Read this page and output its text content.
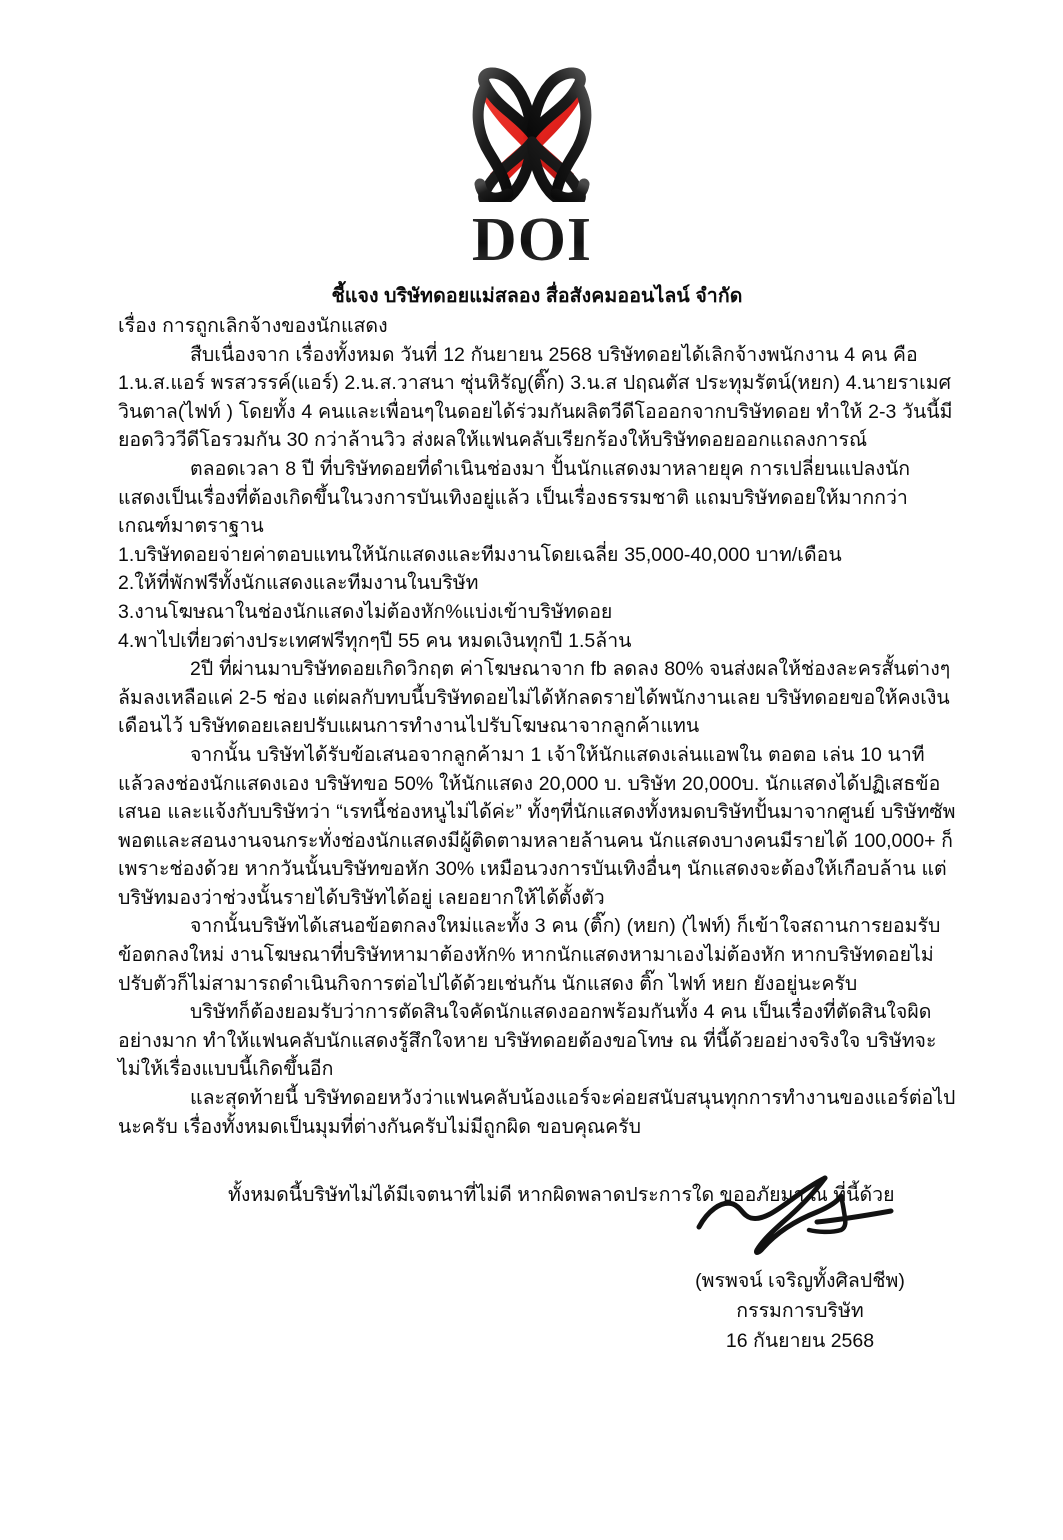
DOI
ชี้แจง บริษัทดอยแม่สลอง สื่อสังคมออนไลน์ จำกัด

เรื่อง การถูกเลิกจ้างของนักแสดง

สืบเนื่องจาก เรื่องทั้งหมด วันที่ 12 กันยายน 2568 บริษัทดอยได้เลิกจ้างพนักงาน 4 คน คือ

1.น.ส.แอร์ พรสวรรค์(แอร์) 2.น.ส.วาสนา ซุ่นหิรัญ(ติ๊ก) 3.น.ส ปฤณตัส ประทุมรัตน์(หยก) 4.นายราเมศ วินตาล(ไฟท์ ) โดยทั้ง 4 คนและเพื่อนๆในดอยได้ร่วมกันผลิตวีดีโอออกจากบริษัทดอย ทำให้ 2-3 วันนี้มียอดวิววีดีโอรวมกัน 30 กว่าล้านวิว ส่งผลให้แฟนคลับเรียกร้องให้บริษัทดอยออกแถลงการณ์

ตลอดเวลา 8 ปี ที่บริษัทดอยที่ดำเนินช่องมา ปั้นนักแสดงมาหลายยุค การเปลี่ยนแปลงนักแสดงเป็นเรื่องที่ต้องเกิดขึ้นในวงการบันเทิงอยู่แล้ว เป็นเรื่องธรรมชาติ แถมบริษัทดอยให้มากกว่าเกณฑ์มาตราฐาน

1.บริษัทดอยจ่ายค่าตอบแทนให้นักแสดงและทีมงานโดยเฉลี่ย 35,000-40,000 บาท/เดือน

2.ให้ที่พักฟรีทั้งนักแสดงและทีมงานในบริษัท

3.งานโฆษณาในช่องนักแสดงไม่ต้องหัก%แบ่งเข้าบริษัทดอย

4.พาไปเที่ยวต่างประเทศฟรีทุกๆปี 55 คน หมดเงินทุกปี 1.5ล้าน

2ปี ที่ผ่านมาบริษัทดอยเกิดวิกฤต ค่าโฆษณาจาก fb ลดลง 80% จนส่งผลให้ช่องละครสั้นต่างๆ ล้มลงเหลือแค่ 2-5 ช่อง แต่ผลกับทบนี้บริษัทดอยไม่ได้หักลดรายได้พนักงานเลย บริษัทดอยขอให้คงเงินเดือนไว้ บริษัทดอยเลยปรับแผนการทำงานไปรับโฆษณาจากลูกค้าแทน

จากนั้น บริษัทได้รับข้อเสนอจากลูกค้ามา 1 เจ้าให้นักแสดงเล่นแอพใน ตอตอ เล่น 10 นาทีแล้วลงช่องนักแสดงเอง บริษัทขอ 50% ให้นักแสดง 20,000 บ. บริษัท 20,000บ. นักแสดงได้ปฏิเสธข้อเสนอ และแจ้งกับบริษัทว่า “เรทนี้ช่องหนูไม่ได้ค่ะ” ทั้งๆที่นักแสดงทั้งหมดบริษัทปั้นมาจากศูนย์ บริษัทซัพพอตและสอนงานจนกระทั่งช่องนักแสดงมีผู้ติดตามหลายล้านคน นักแสดงบางคนมีรายได้ 100,000+ ก็เพราะช่องด้วย หากวันนั้นบริษัทขอหัก 30% เหมือนวงการบันเทิงอื่นๆ นักแสดงจะต้องให้เกือบล้าน แต่บริษัทมองว่าช่วงนั้นรายได้บริษัทได้อยู่ เลยอยากให้ได้ตั้งตัว

จากนั้นบริษัทได้เสนอข้อตกลงใหม่และทั้ง 3 คน (ติ๊ก) (หยก) (ไฟท์) ก็เข้าใจสถานการยอมรับข้อตกลงใหม่ งานโฆษณาที่บริษัทหามาต้องหัก% หากนักแสดงหามาเองไม่ต้องหัก หากบริษัทดอยไม่ปรับตัวก็ไม่สามารถดำเนินกิจการต่อไปได้ด้วยเช่นกัน นักแสดง ติ๊ก ไฟท์ หยก ยังอยู่นะครับ

บริษัทก็ต้องยอมรับว่าการตัดสินใจคัดนักแสดงออกพร้อมกันทั้ง 4 คน เป็นเรื่องที่ตัดสินใจผิดอย่างมาก ทำให้แฟนคลับนักแสดงรู้สึกใจหาย บริษัทดอยต้องขอโทษ ณ ที่นี้ด้วยอย่างจริงใจ บริษัทจะไม่ให้เรื่องแบบนี้เกิดขึ้นอีก

และสุดท้ายนี้ บริษัทดอยหวังว่าแฟนคลับน้องแอร์จะค่อยสนับสนุนทุกการทำงานของแอร์ต่อไปนะครับ เรื่องทั้งหมดเป็นมุมที่ต่างกันครับไม่มีถูกผิด ขอบคุณครับ

ทั้งหมดนี้บริษัทไม่ได้มีเจตนาที่ไม่ดี หากผิดพลาดประการใด ขออภัยมา ณ ที่นี้ด้วย

(พรพจน์ เจริญทั้งศิลปชีพ)

กรรมการบริษัท

16 กันยายน 2568
